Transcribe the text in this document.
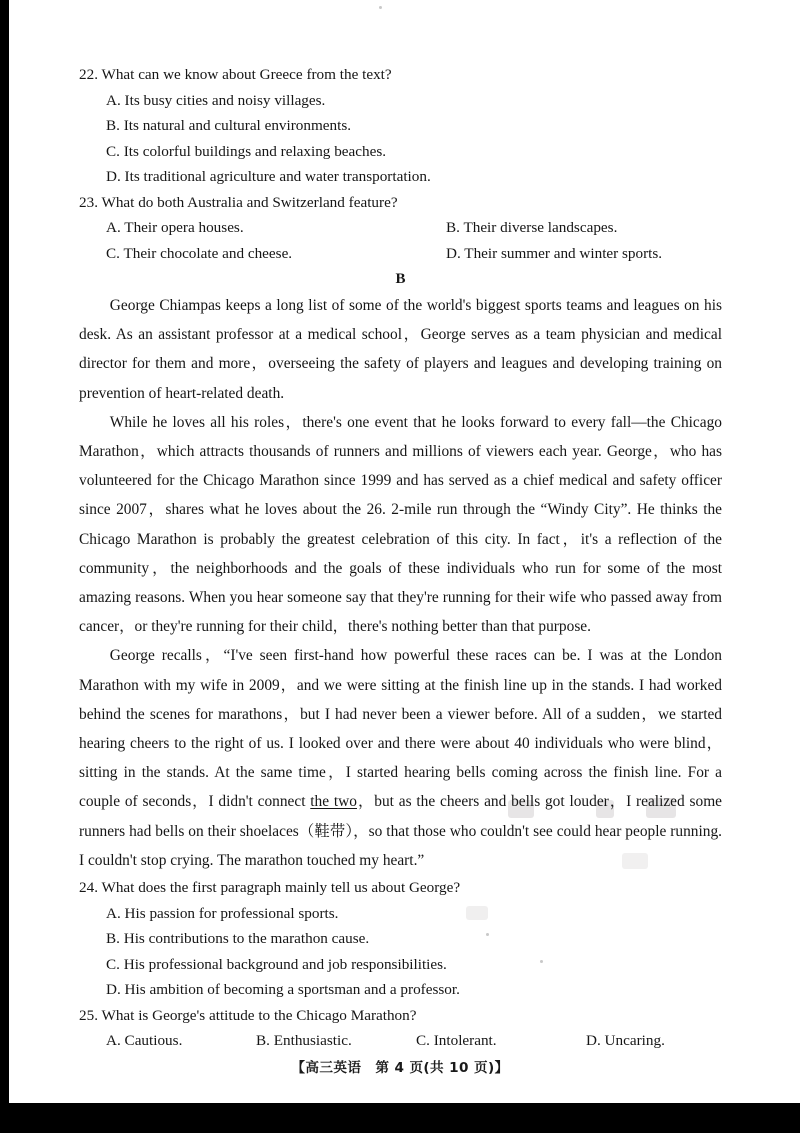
22. What can we know about Greece from the text?
A. Its busy cities and noisy villages.
B. Its natural and cultural environments.
C. Its colorful buildings and relaxing beaches.
D. Its traditional agriculture and water transportation.
23. What do both Australia and Switzerland feature?
A. Their opera houses.	B. Their diverse landscapes.
C. Their chocolate and cheese.	D. Their summer and winter sports.
B

George Chiampas keeps a long list of some of the world's biggest sports teams and leagues on his desk. As an assistant professor at a medical school，George serves as a team physician and medical director for them and more，overseeing the safety of players and leagues and developing training on prevention of heart-related death.

While he loves all his roles，there's one event that he looks forward to every fall—the Chicago Marathon，which attracts thousands of runners and millions of viewers each year. George，who has volunteered for the Chicago Marathon since 1999 and has served as a chief medical and safety officer since 2007，shares what he loves about the 26. 2-mile run through the “Windy City”. He thinks the Chicago Marathon is probably the greatest celebration of this city. In fact，it's a reflection of the community，the neighborhoods and the goals of these individuals who run for some of the most amazing reasons. When you hear someone say that they're running for their wife who passed away from cancer，or they're running for their child，there's nothing better than that purpose.

George recalls，“I've seen first-hand how powerful these races can be. I was at the London Marathon with my wife in 2009，and we were sitting at the finish line up in the stands. I had worked behind the scenes for marathons，but I had never been a viewer before. All of a sudden，we started hearing cheers to the right of us. I looked over and there were about 40 individuals who were blind，sitting in the stands. At the same time，I started hearing bells coming across the finish line. For a couple of seconds，I didn't connect the two，but as the cheers and bells got louder，I realized some runners had bells on their shoelaces（鞋带），so that those who couldn't see could hear people running. I couldn't stop crying. The marathon touched my heart.”

24. What does the first paragraph mainly tell us about George?
A. His passion for professional sports.
B. His contributions to the marathon cause.
C. His professional background and job responsibilities.
D. His ambition of becoming a sportsman and a professor.
25. What is George's attitude to the Chicago Marathon?
A. Cautious.	B. Enthusiastic.	C. Intolerant.	D. Uncaring.
【高三英语　第 4 页(共 10 页)】
